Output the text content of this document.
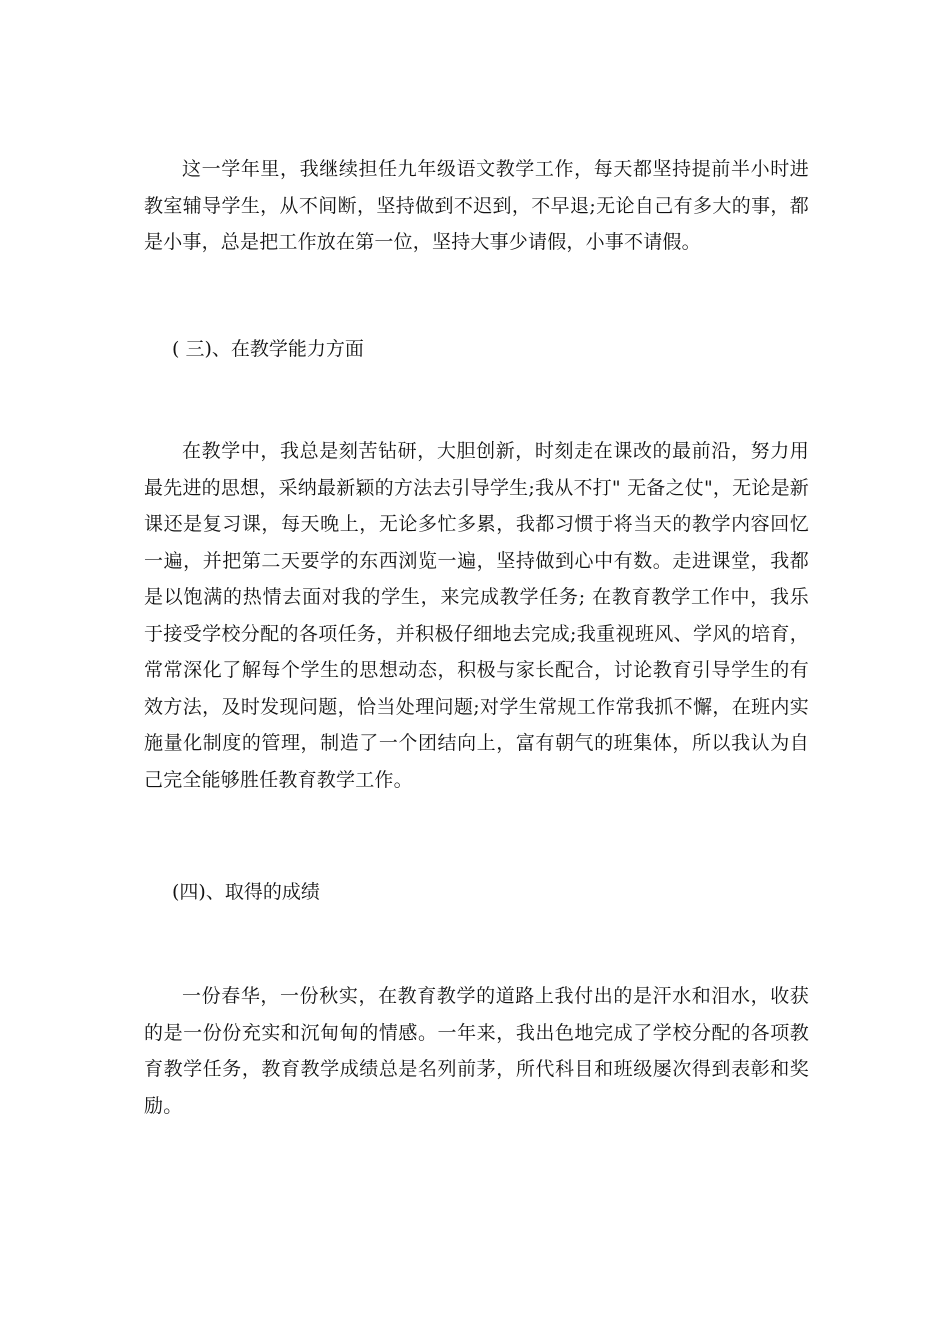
这一学年里，我继续担任九年级语文教学工作，每天都坚持提前半小时进教室辅导学生，从不间断，坚持做到不迟到，不早退;无论自己有多大的事，都是小事，总是把工作放在第一位，坚持大事少请假，小事不请假。

( 三)、在教学能力方面

在教学中，我总是刻苦钻研，大胆创新，时刻走在课改的最前沿，努力用最先进的思想，采纳最新颖的方法去引导学生;我从不打" 无备之仗"，无论是新课还是复习课，每天晚上，无论多忙多累，我都习惯于将当天的教学内容回忆一遍，并把第二天要学的东西浏览一遍，坚持做到心中有数。走进课堂，我都是以饱满的热情去面对我的学生，来完成教学任务; 在教育教学工作中，我乐于接受学校分配的各项任务，并积极仔细地去完成;我重视班风、学风的培育，常常深化了解每个学生的思想动态，积极与家长配合，讨论教育引导学生的有效方法，及时发现问题，恰当处理问题;对学生常规工作常我抓不懈，在班内实施量化制度的管理，制造了一个团结向上，富有朝气的班集体，所以我认为自己完全能够胜任教育教学工作。

(四)、取得的成绩

一份春华，一份秋实，在教育教学的道路上我付出的是汗水和泪水，收获的是一份份充实和沉甸甸的情感。一年来，我出色地完成了学校分配的各项教育教学任务，教育教学成绩总是名列前茅，所代科目和班级屡次得到表彰和奖励。
